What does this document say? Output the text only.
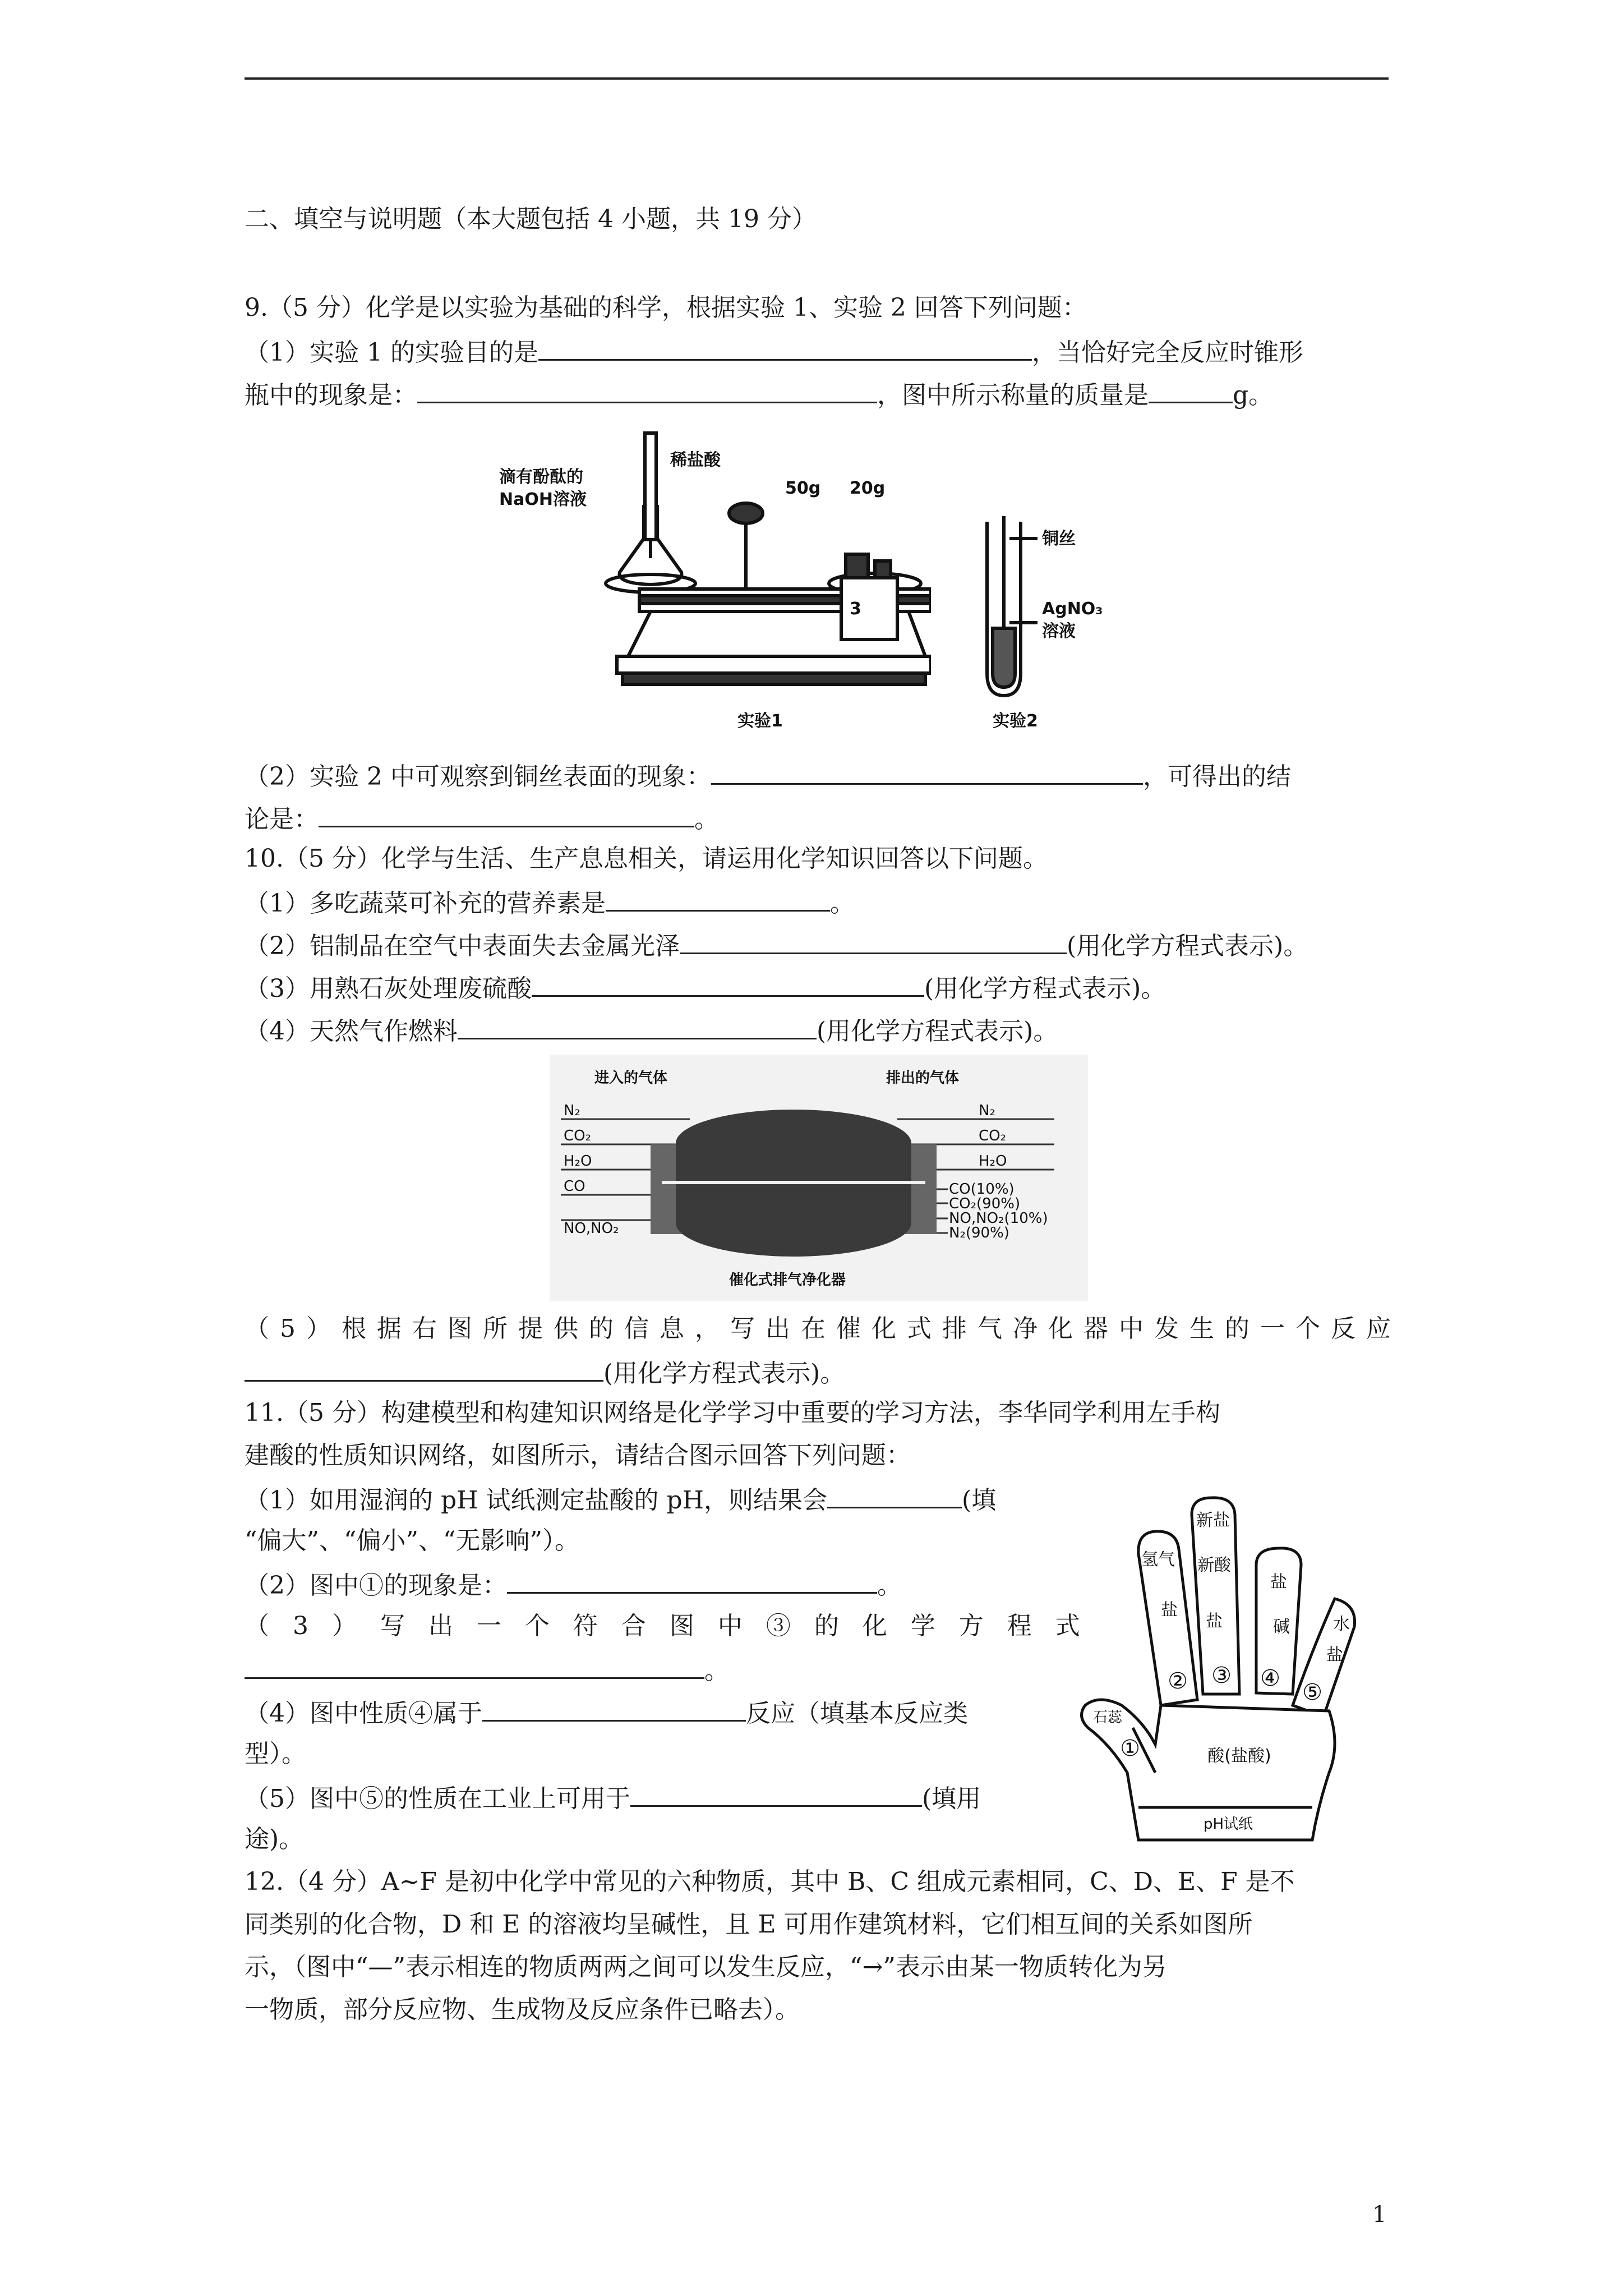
二、填空与说明题（本大题包括 4 小题，共 19 分）
9.（5 分）化学是以实验为基础的科学，根据实验 1、实验 2 回答下列问题：
（1）实验 1 的实验目的是	，当恰好完全反应时锥形
瓶中的现象是：	，图中所示称量的质量是	g。
滴有酚酞的
NaOH溶液
稀盐酸
50g 20g
3
实验1
铜丝
AgNO₃
溶液
实验2
（2）实验 2 中可观察到铜丝表面的现象：	，可得出的结
论是：	。
10.（5 分）化学与生活、生产息息相关，请运用化学知识回答以下问题。
（1）多吃蔬菜可补充的营养素是	。
（2）铝制品在空气中表面失去金属光泽	(用化学方程式表示)。
（3）用熟石灰处理废硫酸	(用化学方程式表示)。
（4）天然气作燃料	(用化学方程式表示)。
进入的气体	排出的气体
N₂
CO₂
H₂O
CO
NO,NO₂
N₂
CO₂
H₂O
CO(10%)
CO₂(90%)
NO,NO₂(10%)
N₂(90%)
催化式排气净化器
（5）根据右图所提供的信息，写出在催化式排气净化器中发生的一个反应
(用化学方程式表示)。
11.（5 分）构建模型和构建知识网络是化学学习中重要的学习方法，李华同学利用左手构
建酸的性质知识网络，如图所示，请结合图示回答下列问题：
（1）如用湿润的 pH 试纸测定盐酸的 pH，则结果会	(填
“偏大”、“偏小”、“无影响”）。
（2）图中①的现象是：	。
（ 3 ） 写 出 一 个 符 合 图 中 ③ 的 化 学 方 程 式
。
（4）图中性质④属于	反应（填基本反应类
型）。
（5）图中⑤的性质在工业上可用于	(填用
途)。
石蕊
氢气
盐
新盐
新酸
盐
盐
碱	水
盐
酸(盐酸)
pH试纸
①
② ③ ④
⑤
12.（4 分）A~F 是初中化学中常见的六种物质，其中 B、C 组成元素相同，C、D、E、F 是不
同类别的化合物，D 和 E 的溶液均呈碱性，且 E 可用作建筑材料，它们相互间的关系如图所
示，（图中“—”表示相连的物质两两之间可以发生反应，“→”表示由某一物质转化为另
一物质，部分反应物、生成物及反应条件已略去）。
1
